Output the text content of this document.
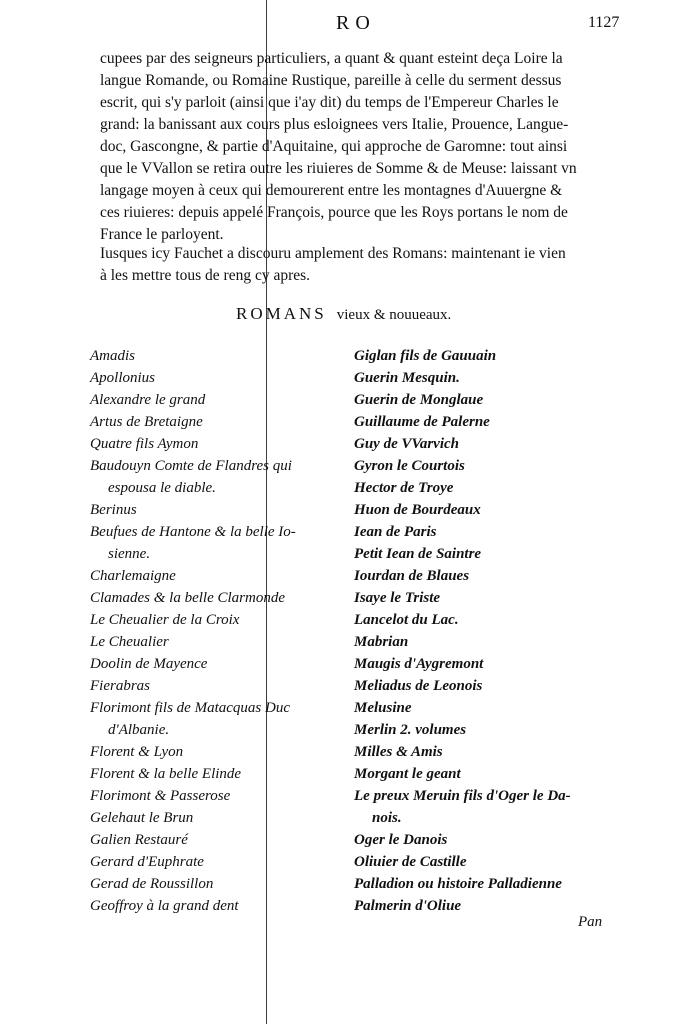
RO	1127
cupees par des seigneurs particuliers, a quant & quant esteint deça Loire la
langue Romande, ou Romaine Rustique, pareille à celle du serment dessus
escrit, qui s'y parloit (ainsi que i'ay dit) du temps de l'Empereur Charles le
grand: la banissant aux cours plus esloignees vers Italie, Prouence, Langue-
doc, Gascongne, & partie d'Aquitaine, qui approche de Garomne: tout ainsi
que le VVallon se retira outre les riuieres de Somme & de Meuse: laissant vn
langage moyen à ceux qui demourerent entre les montagnes d'Auuergne &
ces riuieres: depuis appelé François, pource que les Roys portans le nom de
France le parloyent.
Iusques icy Fauchet a discouru amplement des Romans: maintenant ie vien
à les mettre tous de reng cy apres.
ROMANS vieux & nouueaux.
Amadis
Apollonius
Alexandre le grand
Artus de Bretaigne
Quatre fils Aymon
Baudouyn Comte de Flandres qui
espousa le diable.
Berinus
Beufues de Hantone & la belle Io-
sienne.
Charlemaigne
Clamades & la belle Clarmonde
Le Cheualier de la Croix
Le Cheualier
Doolin de Mayence
Fierabras
Florimont fils de Matacquas Duc
d'Albanie.
Florent & Lyon
Florent & la belle Elinde
Florimont & Passerose
Gelehaut le Brun
Galien Restauré
Gerard d'Euphrate
Gerad de Roussillon
Geoffroy à la grand dent
Giglan fils de Gauuain
Guerin Mesquin.
Guerin de Monglaue
Guillaume de Palerne
Guy de VVarvich
Gyron le Courtois
Hector de Troye
Huon de Bourdeaux
Iean de Paris
Petit Iean de Saintre
Iourdan de Blaues
Isaye le Triste
Lancelot du Lac.
Mabrian
Maugis d'Aygremont
Meliadus de Leonois
Melusine
Merlin 2. volumes
Milles & Amis
Morgant le geant
Le preux Meruin fils d'Oger le Da-
nois.
Oger le Danois
Oliuier de Castille
Palladion ou histoire Palladienne
Palmerin d'Oliue
Pan
